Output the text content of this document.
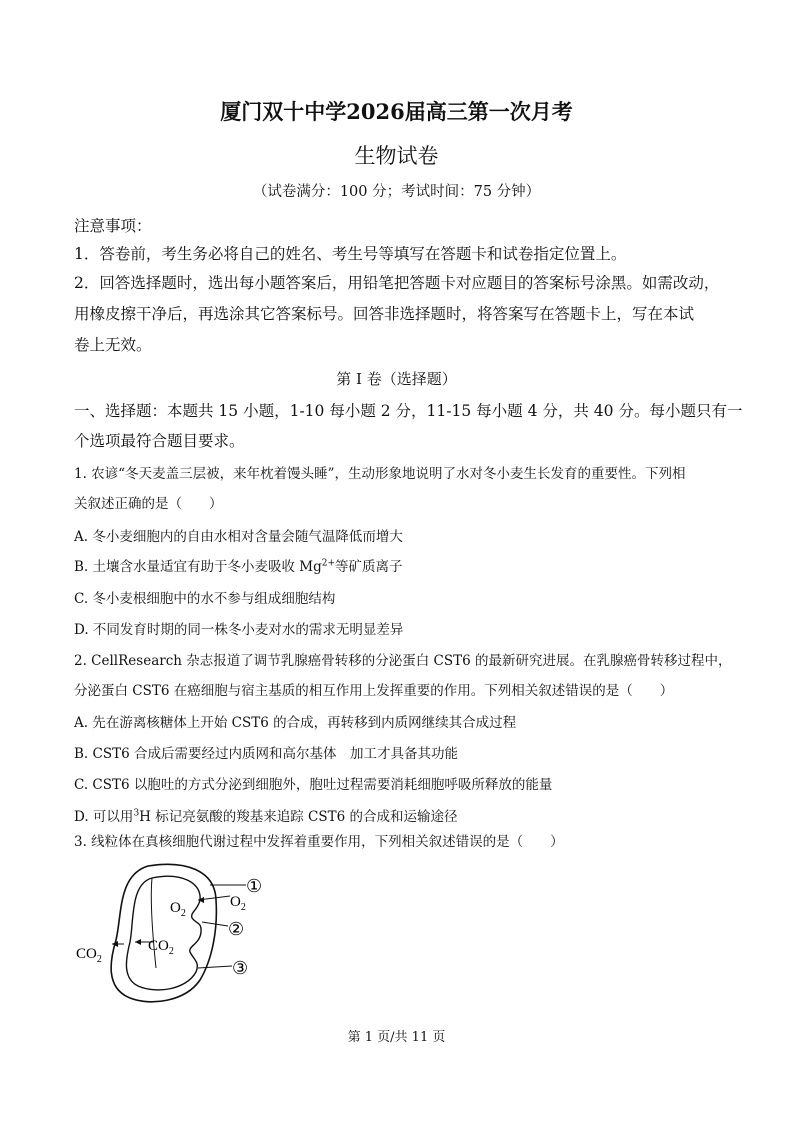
厦门双十中学2026届高三第一次月考
生物试卷
（试卷满分：100 分；考试时间：75 分钟）
注意事项：
1．答卷前，考生务必将自己的姓名、考生号等填写在答题卡和试卷指定位置上。
2．回答选择题时，选出每小题答案后，用铅笔把答题卡对应题目的答案标号涂黑。如需改动，
用橡皮擦干净后，再选涂其它答案标号。回答非选择题时，将答案写在答题卡上，写在本试
卷上无效。
第 I 卷（选择题）
一、选择题：本题共 15 小题，1-10 每小题 2 分，11-15 每小题 4 分，共 40 分。每小题只有一
个选项最符合题目要求。
1. 农谚“冬天麦盖三层被，来年枕着馒头睡”，生动形象地说明了水对冬小麦生长发育的重要性。下列相
关叙述正确的是（　　）
A. 冬小麦细胞内的自由水相对含量会随气温降低而增大
B. 土壤含水量适宜有助于冬小麦吸收 $Mg^{2+}$等矿质离子
C. 冬小麦根细胞中的水不参与组成细胞结构
D. 不同发育时期的同一株冬小麦对水的需求无明显差异
2. CellResearch 杂志报道了调节乳腺癌骨转移的分泌蛋白 CST6 的最新研究进展。在乳腺癌骨转移过程中，
分泌蛋白 CST6 在癌细胞与宿主基质的相互作用上发挥重要的作用。下列相关叙述错误的是（　　）
A. 先在游离核糖体上开始 CST6 的合成，再转移到内质网继续其合成过程
B. CST6 合成后需要经过内质网和高尔基体　加工才具备其功能
C. CST6 以胞吐的方式分泌到细胞外，胞吐过程需要消耗细胞呼吸所释放的能量
D. 可以用$^3$H 标记亮氨酸的羧基来追踪 CST6 的合成和运输途径
3. 线粒体在真核细胞代谢过程中发挥着重要作用，下列相关叙述错误的是（　　）
$O_2$
$O_2$
$CO_2$
$CO_2$
①
②
③
第 1 页/共 11 页
